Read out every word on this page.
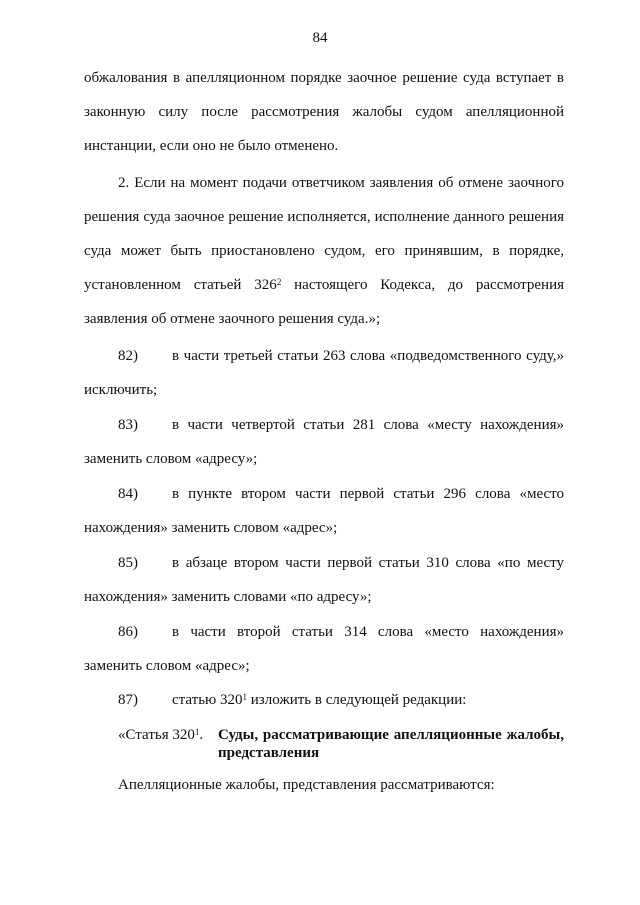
84
обжалования в апелляционном порядке заочное решение суда вступает в
законную силу после рассмотрения жалобы судом апелляционной
инстанции, если оно не было отменено.
2. Если на момент подачи ответчиком заявления об отмене заочного
решения суда заочное решение исполняется, исполнение данного решения
суда может быть приостановлено судом, его принявшим, в порядке,
установленном статьей $326^2$ настоящего Кодекса, до рассмотрения
заявления об отмене заочного решения суда.»;
82) в части третьей статьи 263 слова «подведомственного суду,»
исключить;
83) в части четвертой статьи 281 слова «месту нахождения»
заменить словом «адресу»;
84) в пункте втором части первой статьи 296 слова «место
нахождения» заменить словом «адрес»;
85) в абзаце втором части первой статьи 310 слова «по месту
нахождения» заменить словами «по адресу»;
86) в части второй статьи 314 слова «место нахождения»
заменить словом «адрес»;
87) статью $320^1$ изложить в следующей редакции:
«Статья $320^1$. Суды, рассматривающие апелляционные жалобы,
представления
Апелляционные жалобы, представления рассматриваются:
